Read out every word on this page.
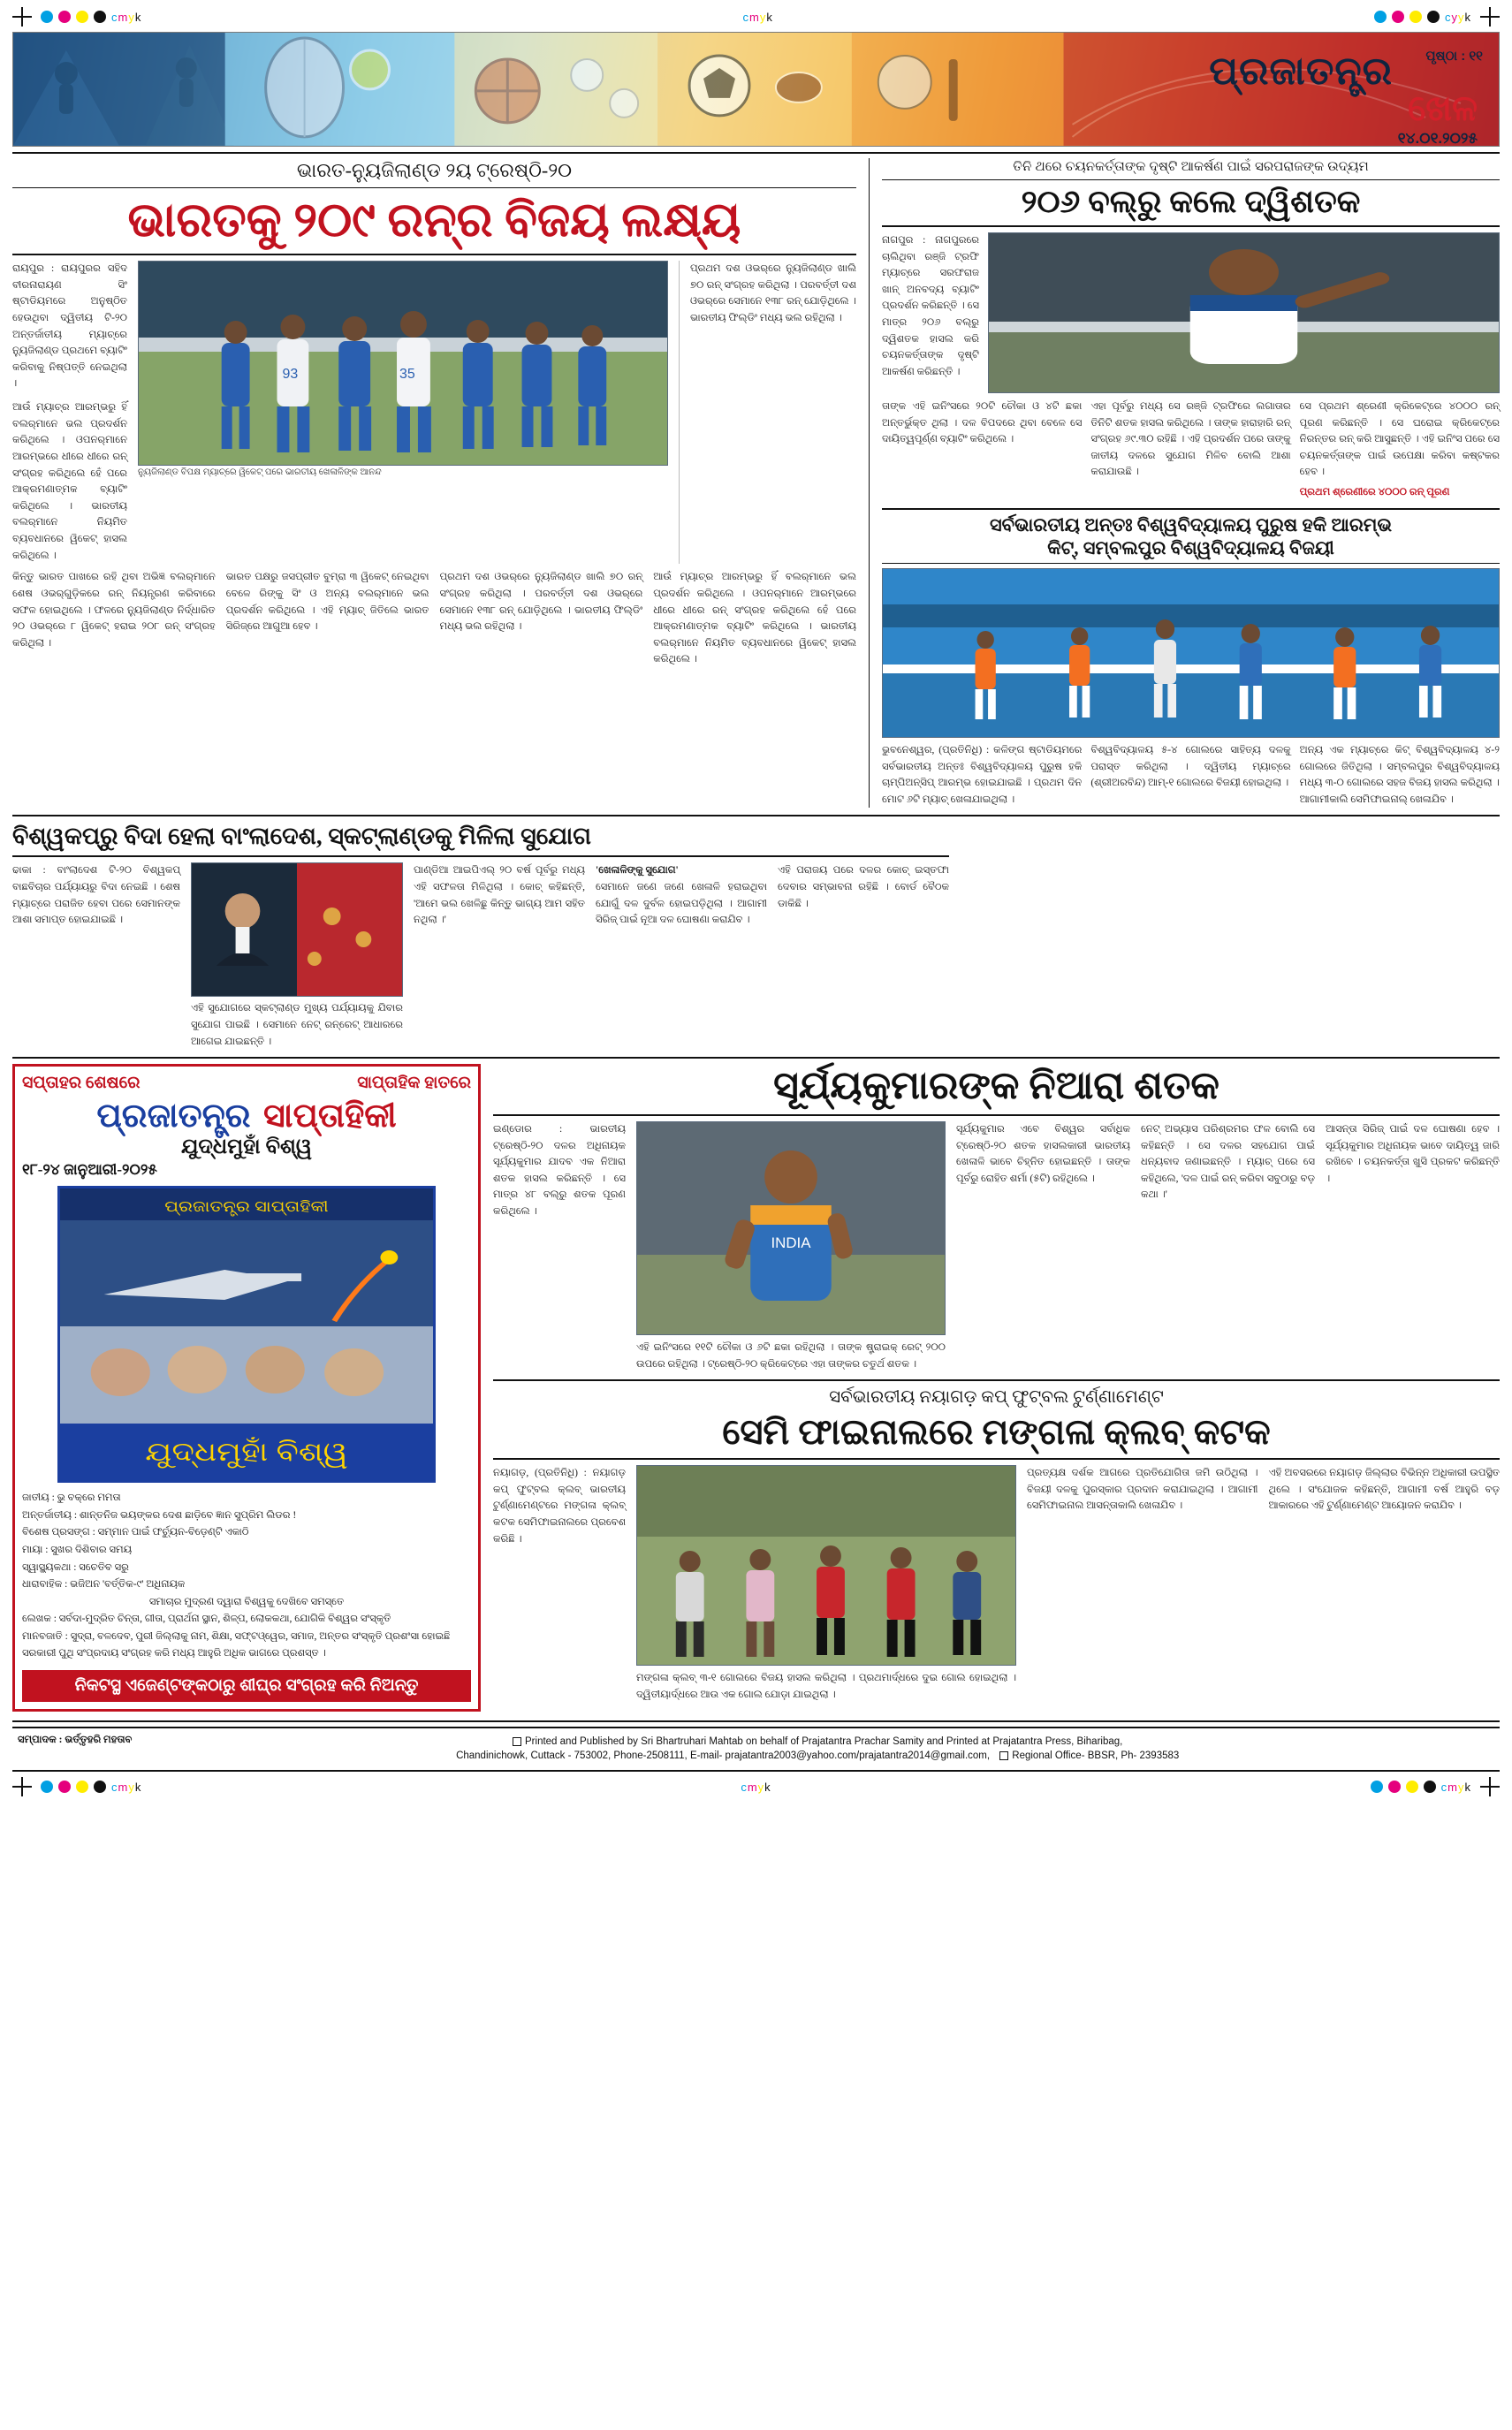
cmyk	cmyk	cyyk
ପୃଷ୍ଠା : ୧୧
ପ୍ରଜାତନ୍ତ୍ର
ଖେଳ
୧୪.୦୧.୨୦୨୫
ଭାରତ-ନ୍ୟୁଜିଲାଣ୍ଡ ୨ୟ ଟ୍ରେଷ୍ଠି-୨୦
ଭାରତକୁ ୨୦୯ ରନ୍‌ର ବିଜୟ ଲକ୍ଷ୍ୟ
ରାୟପୁର : ରାୟପୁରର ସହିଦ ବୀରନାରାୟଣ ସିଂ ଷ୍ଟାଡିୟମରେ ଅନୁଷ୍ଠିତ ହେଉଥିବା ଦ୍ୱିତୀୟ ଟି-୨୦ ଅନ୍ତର୍ଜାତୀୟ ମ୍ୟାଚ୍‌ରେ ନ୍ୟୁଜିଲାଣ୍ଡ ପ୍ରଥମେ ବ୍ୟାଟିଂ କରିବାକୁ ନିଷ୍ପତ୍ତି ନେଇଥିଲା ।
ଆଉଁ ମ୍ୟାଚ୍‌ର ଆରମ୍ଭରୁ ହିଁ ବଲର୍‌ମାନେ ଭଲ ପ୍ରଦର୍ଶନ କରିଥିଲେ । ଓପନର୍‌ମାନେ ଆରମ୍ଭରେ ଧୀରେ ଧୀରେ ରନ୍ ସଂଗ୍ରହ କରିଥିଲେ ହେଁ ପରେ ଆକ୍ରମଣାତ୍ମକ ବ୍ୟାଟିଂ କରିଥିଲେ । ଭାରତୀୟ ବଲର୍‌ମାନେ ନିୟମିତ ବ୍ୟବଧାନରେ ୱିକେଟ୍ ହାସଲ କରିଥିଲେ ।
93	35
ନ୍ୟୁଜିଲାଣ୍ଡ ବିପକ୍ଷ ମ୍ୟାଚ୍‌ରେ ୱିକେଟ୍ ପରେ ଭାରତୀୟ ଖେଳାଳିଙ୍କ ଆନନ୍ଦ
ପ୍ରଥମ ଦଶ ଓଭର୍‌ରେ ନ୍ୟୁଜିଲାଣ୍ଡ ଖାଲି ୭୦ ରନ୍ ସଂଗ୍ରହ କରିଥିଲା । ପରବର୍ତ୍ତୀ ଦଶ ଓଭର୍‌ରେ ସେମାନେ ୧୩୮ ରନ୍ ଯୋଡ଼ିଥିଲେ । ଭାରତୀୟ ଫିଲ୍ଡିଂ ମଧ୍ୟ ଭଲ ରହିଥିଲା ।
କିନ୍ତୁ ଭାରତ ପାଖରେ ରହି ଥିବା ଅଭିଜ୍ଞ ବଲର୍‌ମାନେ ଶେଷ ଓଭର୍‌ଗୁଡ଼ିକରେ ରନ୍ ନିୟନ୍ତ୍ରଣ କରିବାରେ ସଫଳ ହୋଇଥିଲେ । ଫଳରେ ନ୍ୟୁଜିଲାଣ୍ଡ ନିର୍ଦ୍ଧାରିତ ୨୦ ଓଭର୍‌ରେ ୮ ୱିକେଟ୍ ହରାଇ ୨୦୮ ରନ୍ ସଂଗ୍ରହ କରିଥିଲା ।
ଭାରତ ପକ୍ଷରୁ ଜସପ୍ରୀତ ବୁମ୍‌ରା ୩ ୱିକେଟ୍ ନେଇଥିବା ବେଳେ ରିଙ୍କୁ ସିଂ ଓ ଅନ୍ୟ ବଲର୍‌ମାନେ ଭଲ ପ୍ରଦର୍ଶନ କରିଥିଲେ । ଏହି ମ୍ୟାଚ୍ ଜିତିଲେ ଭାରତ ସିରିଜ୍‌ରେ ଆଗୁଆ ହେବ ।
ପ୍ରଥମ ଦଶ ଓଭର୍‌ରେ ନ୍ୟୁଜିଲାଣ୍ଡ ଖାଲି ୭୦ ରନ୍ ସଂଗ୍ରହ କରିଥିଲା । ପରବର୍ତ୍ତୀ ଦଶ ଓଭର୍‌ରେ ସେମାନେ ୧୩୮ ରନ୍ ଯୋଡ଼ିଥିଲେ । ଭାରତୀୟ ଫିଲ୍ଡିଂ ମଧ୍ୟ ଭଲ ରହିଥିଲା ।
ଆଉଁ ମ୍ୟାଚ୍‌ର ଆରମ୍ଭରୁ ହିଁ ବଲର୍‌ମାନେ ଭଲ ପ୍ରଦର୍ଶନ କରିଥିଲେ । ଓପନର୍‌ମାନେ ଆରମ୍ଭରେ ଧୀରେ ଧୀରେ ରନ୍ ସଂଗ୍ରହ କରିଥିଲେ ହେଁ ପରେ ଆକ୍ରମଣାତ୍ମକ ବ୍ୟାଟିଂ କରିଥିଲେ । ଭାରତୀୟ ବଲର୍‌ମାନେ ନିୟମିତ ବ୍ୟବଧାନରେ ୱିକେଟ୍ ହାସଲ କରିଥିଲେ ।
ତିନି ଥରେ ଚୟନକର୍ତ୍ତାଙ୍କ ଦୃଷ୍ଟି ଆକର୍ଷଣ ପାଇଁ ସରପରାଜଙ୍କ ଉଦ୍ୟମ
୨୦୬ ବଲ୍‌ରୁ କଲେ ଦ୍ୱିଶତକ
ନାଗପୁର : ନାଗପୁରରେ ଚାଲିଥିବା ରଞ୍ଜି ଟ୍ରଫି ମ୍ୟାଚ୍‌ରେ ସରଫରାଜ ଖାନ୍ ଅନବଦ୍ୟ ବ୍ୟାଟିଂ ପ୍ରଦର୍ଶନ କରିଛନ୍ତି । ସେ ମାତ୍ର ୨୦୬ ବଲ୍‌ରୁ ଦ୍ୱିଶତକ ହାସଲ କରି ଚୟନକର୍ତ୍ତାଙ୍କ ଦୃଷ୍ଟି ଆକର୍ଷଣ କରିଛନ୍ତି ।
ତାଙ୍କ ଏହି ଇନିଂସରେ ୨୦ଟି ଚୌକା ଓ ୪ଟି ଛକା ଅନ୍ତର୍ଭୁକ୍ତ ଥିଲା । ଦଳ ବିପଦରେ ଥିବା ବେଳେ ସେ ଦାୟିତ୍ୱପୂର୍ଣ୍ଣ ବ୍ୟାଟିଂ କରିଥିଲେ ।
ଏହା ପୂର୍ବରୁ ମଧ୍ୟ ସେ ରଞ୍ଜି ଟ୍ରଫିରେ ଲଗାତାର ତିନିଟି ଶତକ ହାସଲ କରିଥିଲେ । ତାଙ୍କ ହାରାହାରି ରନ୍ ସଂଗ୍ରହ ୬୯.୩୦ ରହିଛି । ଏହି ପ୍ରଦର୍ଶନ ପରେ ତାଙ୍କୁ ଜାତୀୟ ଦଳରେ ସୁଯୋଗ ମିଳିବ ବୋଲି ଆଶା କରାଯାଉଛି ।
ସେ ପ୍ରଥମ ଶ୍ରେଣୀ କ୍ରିକେଟ୍‌ରେ ୪୦୦୦ ରନ୍ ପୂରଣ କରିଛନ୍ତି । ସେ ଘରୋଇ କ୍ରିକେଟ୍‌ରେ ନିରନ୍ତର ରନ୍ କରି ଆସୁଛନ୍ତି । ଏହି ଇନିଂସ ପରେ ସେ ଚୟନକର୍ତ୍ତାଙ୍କ ପାଇଁ ଉପେକ୍ଷା କରିବା କଷ୍ଟକର ହେବ ।
ପ୍ରଥମ ଶ୍ରେଣୀରେ ୪୦୦୦ ରନ୍ ପୂରଣ
ସର୍ବଭାରତୀୟ ଅନ୍ତଃ ବିଶ୍ୱବିଦ୍ୟାଳୟ ପୁରୁଷ ହକି ଆରମ୍ଭ
କିଟ୍, ସମ୍ବଲପୁର ବିଶ୍ୱବିଦ୍ୟାଳୟ ବିଜୟୀ
ଭୁବନେଶ୍ୱର, (ପ୍ରତିନିଧି) : କଳିଙ୍ଗ ଷ୍ଟାଡିୟମରେ ସର୍ବଭାରତୀୟ ଅନ୍ତଃ ବିଶ୍ୱବିଦ୍ୟାଳୟ ପୁରୁଷ ହକି ଚାମ୍ପିଅନ୍‌ସିପ୍ ଆରମ୍ଭ ହୋଇଯାଇଛି । ପ୍ରଥମ ଦିନ ମୋଟ ୬ଟି ମ୍ୟାଚ୍ ଖେଳାଯାଇଥିଲା ।
ବିଶ୍ୱବିଦ୍ୟାଳୟ ୫-୪ ଗୋଲରେ ସାହିତ୍ୟ ଦଳକୁ ପରାସ୍ତ କରିଥିଲା । ଦ୍ୱିତୀୟ ମ୍ୟାଚ୍‌ରେ (ଶ୍ରୀଅରବିନ୍ଦ) ଆମ୍‌-୧ ଗୋଲରେ ବିଜୟୀ ହୋଇଥିଲା ।
ଅନ୍ୟ ଏକ ମ୍ୟାଚ୍‌ରେ କିଟ୍ ବିଶ୍ୱବିଦ୍ୟାଳୟ ୪-୨ ଗୋଲରେ ଜିତିଥିଲା । ସମ୍ବଲପୁର ବିଶ୍ୱବିଦ୍ୟାଳୟ ମଧ୍ୟ ୩-୦ ଗୋଲରେ ସହଜ ବିଜୟ ହାସଲ କରିଥିଲା । ଆଗାମୀକାଲି ସେମିଫାଇନାଲ୍ ଖେଳାଯିବ ।
ବିଶ୍ୱକପ୍‌ରୁ ବିଦା ହେଲା ବାଂଲାଦେଶ, ସ୍କଟ୍‌ଲାଣ୍ଡକୁ ମିଳିଲା ସୁଯୋଗ
ଢାକା : ବାଂଲାଦେଶ ଟି-୨୦ ବିଶ୍ୱକପ୍ ବାଛବିଚାର ପର୍ଯ୍ୟାୟରୁ ବିଦା ନେଇଛି । ଶେଷ ମ୍ୟାଚ୍‌ରେ ପରାଜିତ ହେବା ପରେ ସେମାନଙ୍କ ଆଶା ସମାପ୍ତ ହୋଇଯାଇଛି ।
ଏହି ସୁଯୋଗରେ ସ୍କଟ୍‌ଲାଣ୍ଡ ମୁଖ୍ୟ ପର୍ଯ୍ୟାୟକୁ ଯିବାର ସୁଯୋଗ ପାଇଛି । ସେମାନେ ନେଟ୍ ରନ୍‌ରେଟ୍ ଆଧାରରେ ଆଗେଇ ଯାଇଛନ୍ତି ।
ପାଣ୍ଡିଆ ଆଇପିଏଲ୍ ୨୦ ବର୍ଷ ପୂର୍ବରୁ ମଧ୍ୟ ଏହି ସଫଳତା ମିଳିଥିଲା । କୋଚ୍ କହିଛନ୍ତି, 'ଆମେ ଭଲ ଖେଳିଛୁ କିନ୍ତୁ ଭାଗ୍ୟ ଆମ ସହିତ ନଥିଲା ।'
'ଖେଳାଳିଙ୍କୁ ସୁଯୋଗ'
ସେମାନେ ଜଣେ ଜଣେ ଖେଳାଳି ହରାଇଥିବା ଯୋଗୁଁ ଦଳ ଦୁର୍ବଳ ହୋଇପଡ଼ିଥିଲା । ଆଗାମୀ ସିରିଜ୍ ପାଇଁ ନୂଆ ଦଳ ଘୋଷଣା କରାଯିବ ।
ଏହି ପରାଜୟ ପରେ ଦଳର କୋଚ୍ ଇସ୍ତଫା ଦେବାର ସମ୍ଭାବନା ରହିଛି । ବୋର୍ଡ ବୈଠକ ଡାକିଛି ।
ସପ୍ତାହର ଶେଷରେ	ସାପ୍ତାହିକ ହାତରେ
ପ୍ରଜାତନ୍ତ୍ର ସାପ୍ତାହିକୀ
ଯୁଦ୍ଧମୁହାଁ ବିଶ୍ୱ
୧୮-୨୪ ଜାନୁଆରୀ-୨୦୨୫
ପ୍ରଜାତନ୍ତ୍ର ସାପ୍ତାହିକୀ
ଯୁଦ୍ଧମୁହାଁ ବିଶ୍ୱ
ଜାତୀୟ : ଭୁ ବକ୍ରେ ମମତା
ଅନ୍ତର୍ଜାତୀୟ : ଶାନ୍ତନିଜ ଭୟଙ୍କର ଦେଶ ଛାଡ଼ିବେ ଜ୍ଞାନ ସୁପ୍ରିମ ଲିଡର !
ବିଶେଷ ପ୍ରସଙ୍ଗ : ସମ୍ମାନ ପାଇଁ ଫର୍ଚ୍ୟୁନ-ବିଡ଼େଣ୍ଟି ଏକାଠି
ମାୟା : ସୁଖର ଦିଶିବାର ସମୟ
ସ୍ୱାସ୍ଥ୍ୟକଥା : ସଚେତିବ ସରୁ
ଧାରାବାହିକ : ଭଜିଅନ 'ବର୍ତ୍ତିକ-୯' ଅଧିନାୟକ
ସମାଚାର ମୁଦ୍ରଣ ଦ୍ୱାରା ବିଶ୍ୱକୁ ଦେଖିବେ ସମସ୍ତେ
ଲେଖକ : ସର୍ବଦା-ମୁଦ୍ରିତ ଚିନ୍ତା, ଗୀତା, ପ୍ରାର୍ଥନା ସ୍ଥାନ, ଶିଳ୍ପ, ଲୋକକଥା, ଯୋଗିକି ବିଶ୍ୱର ସଂସ୍କୃତି
ମାନବଜାତି : ସୁଦ୍ରା, ବଳଦେବ, ପୁରୀ ଜିଲ୍ଲାକୁ ନାମ, ଶିକ୍ଷା, ସଫ୍ଟଓ୍ୱେର, ସମାଜ, ଅନ୍ତର ସଂସ୍କୃତି ପ୍ରଶଂସା ହୋଇଛି
ସରକାରୀ ପୁଥି ସଂପ୍ରଦାୟ ସଂଗ୍ରହ କରି ମଧ୍ୟ ଆହୁରି ଅଧିକ ଭାଗରେ ପ୍ରଶସ୍ତ ।
ନିକଟସ୍ଥ ଏଜେଣ୍ଟଙ୍କଠାରୁ ଶୀଘ୍ର ସଂଗ୍ରହ କରି ନିଅନ୍ତୁ
ସୂର୍ଯ୍ୟକୁମାରଙ୍କ ନିଆରା ଶତକ
ଇଣ୍ଡୋର : ଭାରତୀୟ ଟ୍ରେଷ୍ଠି-୨୦ ଦଳର ଅଧିନାୟକ ସୂର୍ଯ୍ୟକୁମାର ଯାଦବ ଏକ ନିଆରା ଶତକ ହାସଲ କରିଛନ୍ତି । ସେ ମାତ୍ର ୪୮ ବଲ୍‌ରୁ ଶତକ ପୂରଣ କରିଥିଲେ ।
INDIA
ଏହି ଇନିଂସରେ ୧୧ଟି ଚୌକା ଓ ୬ଟି ଛକା ରହିଥିଲା । ତାଙ୍କ ଷ୍ଟ୍ରାଇକ୍ ରେଟ୍ ୨୦୦ ଉପରେ ରହିଥିଲା । ଟ୍ରେଷ୍ଠି-୨୦ କ୍ରିକେଟ୍‌ରେ ଏହା ତାଙ୍କର ଚତୁର୍ଥ ଶତକ ।
ସୂର୍ଯ୍ୟକୁମାର ଏବେ ବିଶ୍ୱର ସର୍ବାଧିକ ଟ୍ରେଷ୍ଠି-୨୦ ଶତକ ହାସଲକାରୀ ଭାରତୀୟ ଖେଳାଳି ଭାବେ ଚିହ୍ନିତ ହୋଇଛନ୍ତି । ତାଙ୍କ ପୂର୍ବରୁ ରୋହିତ ଶର୍ମା (୫ଟି) ରହିଥିଲେ ।
ନେଟ୍ ଅଭ୍ୟାସ ପରିଶ୍ରମର ଫଳ ବୋଲି ସେ କହିଛନ୍ତି । ସେ ଦଳର ସହଯୋଗ ପାଇଁ ଧନ୍ୟବାଦ ଜଣାଇଛନ୍ତି । ମ୍ୟାଚ୍ ପରେ ସେ କହିଥିଲେ, 'ଦଳ ପାଇଁ ରନ୍ କରିବା ସବୁଠାରୁ ବଡ଼ କଥା ।'
ଆସନ୍ତା ସିରିଜ୍ ପାଇଁ ଦଳ ଘୋଷଣା ହେବ । ସୂର୍ଯ୍ୟକୁମାର ଅଧିନାୟକ ଭାବେ ଦାୟିତ୍ୱ ଜାରି ରଖିବେ । ଚୟନକର୍ତ୍ତା ଖୁସି ପ୍ରକଟ କରିଛନ୍ତି ।
ସର୍ବଭାରତୀୟ ନୟାଗଡ଼ କପ୍ ଫୁଟ୍‌ବଲ ଟୁର୍ଣ୍ଣାମେଣ୍ଟ
ସେମି ଫାଇନାଲରେ ମଙ୍ଗଳା କ୍ଲବ୍ କଟକ
ନୟାଗଡ଼, (ପ୍ରତିନିଧି) : ନୟାଗଡ଼ କପ୍ ଫୁଟ୍‌ବଲ କ୍ଲବ୍ ଭାରତୀୟ ଟୁର୍ଣ୍ଣାମେଣ୍ଟରେ ମଙ୍ଗଳା କ୍ଲବ୍ କଟକ ସେମିଫାଇନାଲରେ ପ୍ରବେଶ କରିଛି ।
ମଙ୍ଗଳା କ୍ଲବ୍ ୩-୧ ଗୋଲରେ ବିଜୟ ହାସଲ କରିଥିଲା । ପ୍ରଥମାର୍ଦ୍ଧରେ ଦୁଇ ଗୋଲ ହୋଇଥିଲା । ଦ୍ୱିତୀୟାର୍ଦ୍ଧରେ ଆଉ ଏକ ଗୋଲ ଯୋଡ଼ା ଯାଇଥିଲା ।
ପ୍ରତ୍ୟକ୍ଷ ଦର୍ଶକ ଆଗରେ ପ୍ରତିଯୋଗିତା ଜମି ଉଠିଥିଲା । ବିଜୟୀ ଦଳକୁ ପୁରସ୍କାର ପ୍ରଦାନ କରାଯାଇଥିଲା । ଆଗାମୀ ସେମିଫାଇନାଲ ଆସନ୍ତାକାଲି ଖେଳାଯିବ ।
ଏହି ଅବସରରେ ନୟାଗଡ଼ ଜିଲ୍ଲାର ବିଭିନ୍ନ ଅଧିକାରୀ ଉପସ୍ଥିତ ଥିଲେ । ସଂଯୋଜକ କହିଛନ୍ତି, ଆଗାମୀ ବର୍ଷ ଆହୁରି ବଡ଼ ଆକାରରେ ଏହି ଟୁର୍ଣ୍ଣାମେଣ୍ଟ ଆୟୋଜନ କରାଯିବ ।
ସମ୍ପାଦକ : ଭର୍ତ୍ତୃହରି ମହତାବ	Printed and Published by Sri Bhartruhari Mahtab on behalf of Prajatantra Prachar Samity and Printed at Prajatantra Press, Biharibag,
Chandinichowk, Cuttack - 753002, Phone-2508111, E-mail- prajatantra2003@yahoo.com/prajatantra2014@gmail.com, Regional Office- BBSR, Ph- 2393583
cmyk	cmyk	cmyk
